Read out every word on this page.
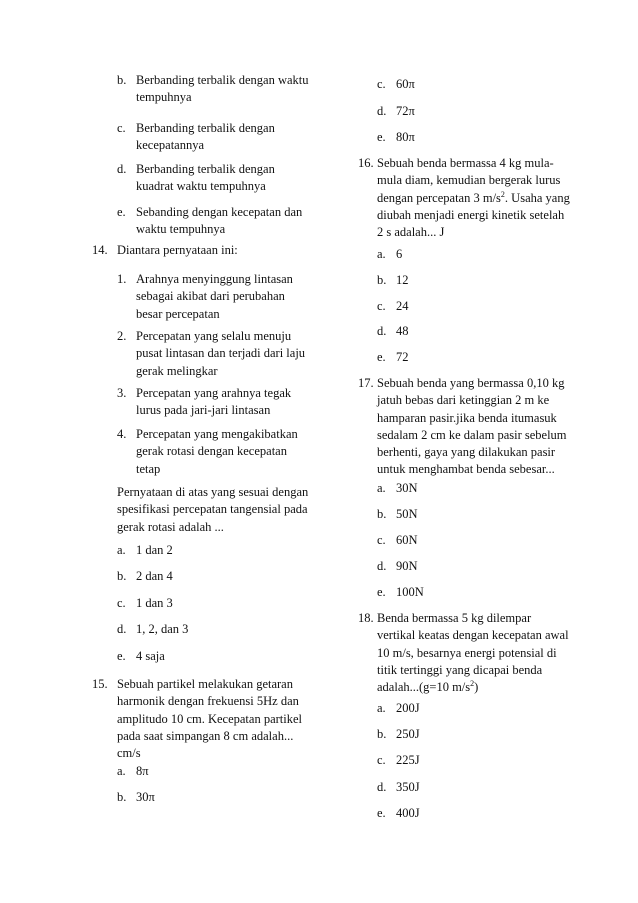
b. Berbanding terbalik dengan waktu
tempuhnya
c. Berbanding terbalik dengan
kecepatannya
d. Berbanding terbalik dengan
kuadrat waktu tempuhnya
e. Sebanding dengan kecepatan dan
waktu tempuhnya
14. Diantara pernyataan ini:
1. Arahnya menyinggung lintasan
sebagai akibat dari perubahan
besar percepatan
2. Percepatan yang selalu menuju
pusat lintasan dan terjadi dari laju
gerak melingkar
3. Percepatan yang arahnya tegak
lurus pada jari-jari lintasan
4. Percepatan yang mengakibatkan
gerak rotasi dengan kecepatan
tetap
Pernyataan di atas yang sesuai dengan
spesifikasi percepatan tangensial pada
gerak rotasi adalah ...
a. 1 dan 2
b. 2 dan 4
c. 1 dan 3
d. 1, 2, dan 3
e. 4 saja
15. Sebuah partikel melakukan getaran
harmonik dengan frekuensi 5Hz dan
amplitudo 10 cm. Kecepatan partikel
pada saat simpangan 8 cm adalah...
cm/s
a. 8π
b. 30π
c. 60π
d. 72π
e. 80π
16. Sebuah benda bermassa 4 kg mula-
mula diam, kemudian bergerak lurus
dengan percepatan 3 $m/s^2$. Usaha yang
diubah menjadi energi kinetik setelah
2 s adalah... J
a. 6
b. 12
c. 24
d. 48
e. 72
17. Sebuah benda yang bermassa 0,10 kg
jatuh bebas dari ketinggian 2 m ke
hamparan pasir.jika benda itumasuk
sedalam 2 cm ke dalam pasir sebelum
berhenti, gaya yang dilakukan pasir
untuk menghambat benda sebesar...
a. 30N
b. 50N
c. 60N
d. 90N
e. 100N
18. Benda bermassa 5 kg dilempar
vertikal keatas dengan kecepatan awal
10 m/s, besarnya energi potensial di
titik tertinggi yang dicapai benda
adalah...(g=10 $m/s^2$)
a. 200J
b. 250J
c. 225J
d. 350J
e. 400J
